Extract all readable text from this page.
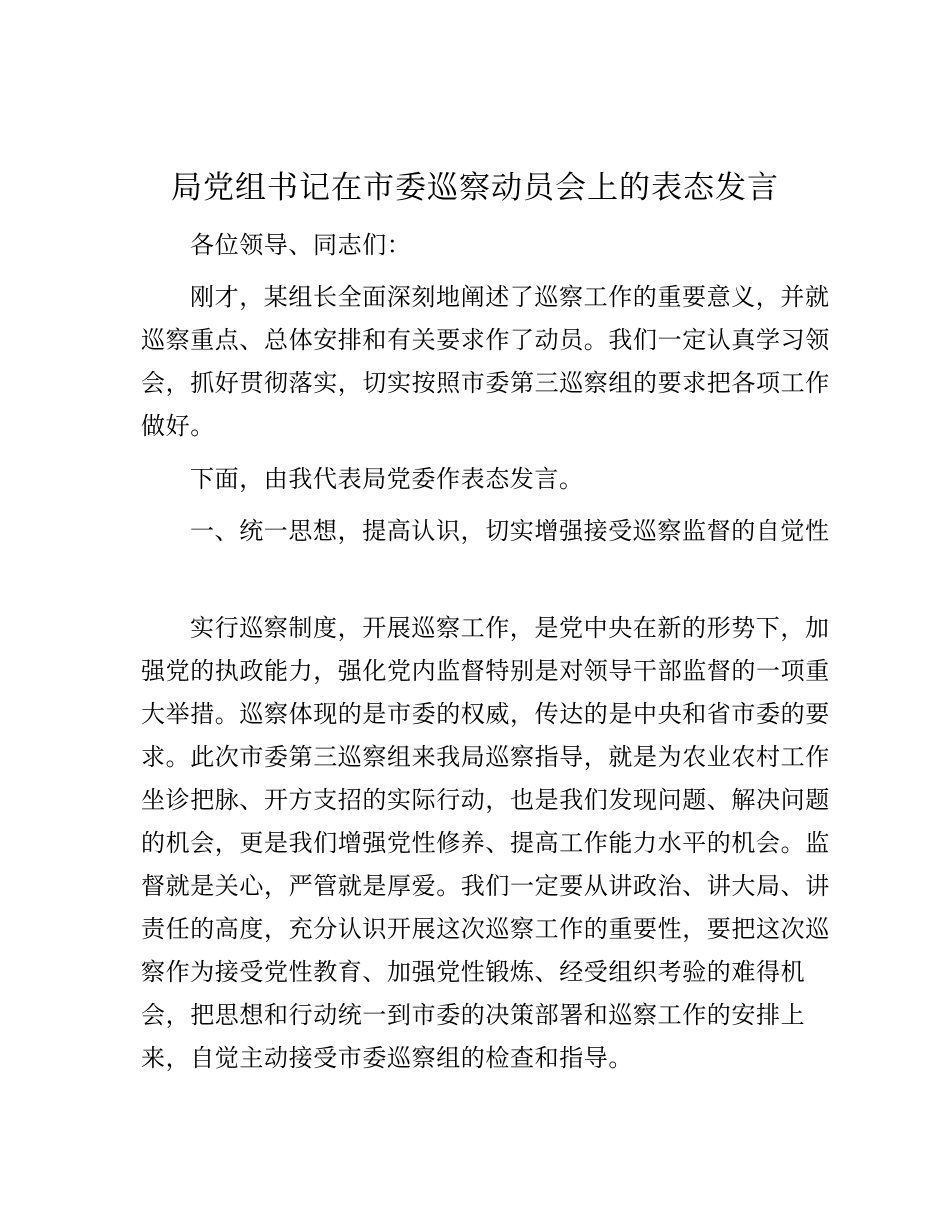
局党组书记在市委巡察动员会上的表态发言

各位领导、同志们：

刚才，某组长全面深刻地阐述了巡察工作的重要意义，并就巡察重点、总体安排和有关要求作了动员。我们一定认真学习领会，抓好贯彻落实，切实按照市委第三巡察组的要求把各项工作做好。

下面，由我代表局党委作表态发言。

一、统一思想，提高认识，切实增强接受巡察监督的自觉性

实行巡察制度，开展巡察工作，是党中央在新的形势下，加强党的执政能力，强化党内监督特别是对领导干部监督的一项重大举措。巡察体现的是市委的权威，传达的是中央和省市委的要求。此次市委第三巡察组来我局巡察指导，就是为农业农村工作坐诊把脉、开方支招的实际行动，也是我们发现问题、解决问题的机会，更是我们增强党性修养、提高工作能力水平的机会。监督就是关心，严管就是厚爱。我们一定要从讲政治、讲大局、讲责任的高度，充分认识开展这次巡察工作的重要性，要把这次巡察作为接受党性教育、加强党性锻炼、经受组织考验的难得机会，把思想和行动统一到市委的决策部署和巡察工作的安排上来，自觉主动接受市委巡察组的检查和指导。
